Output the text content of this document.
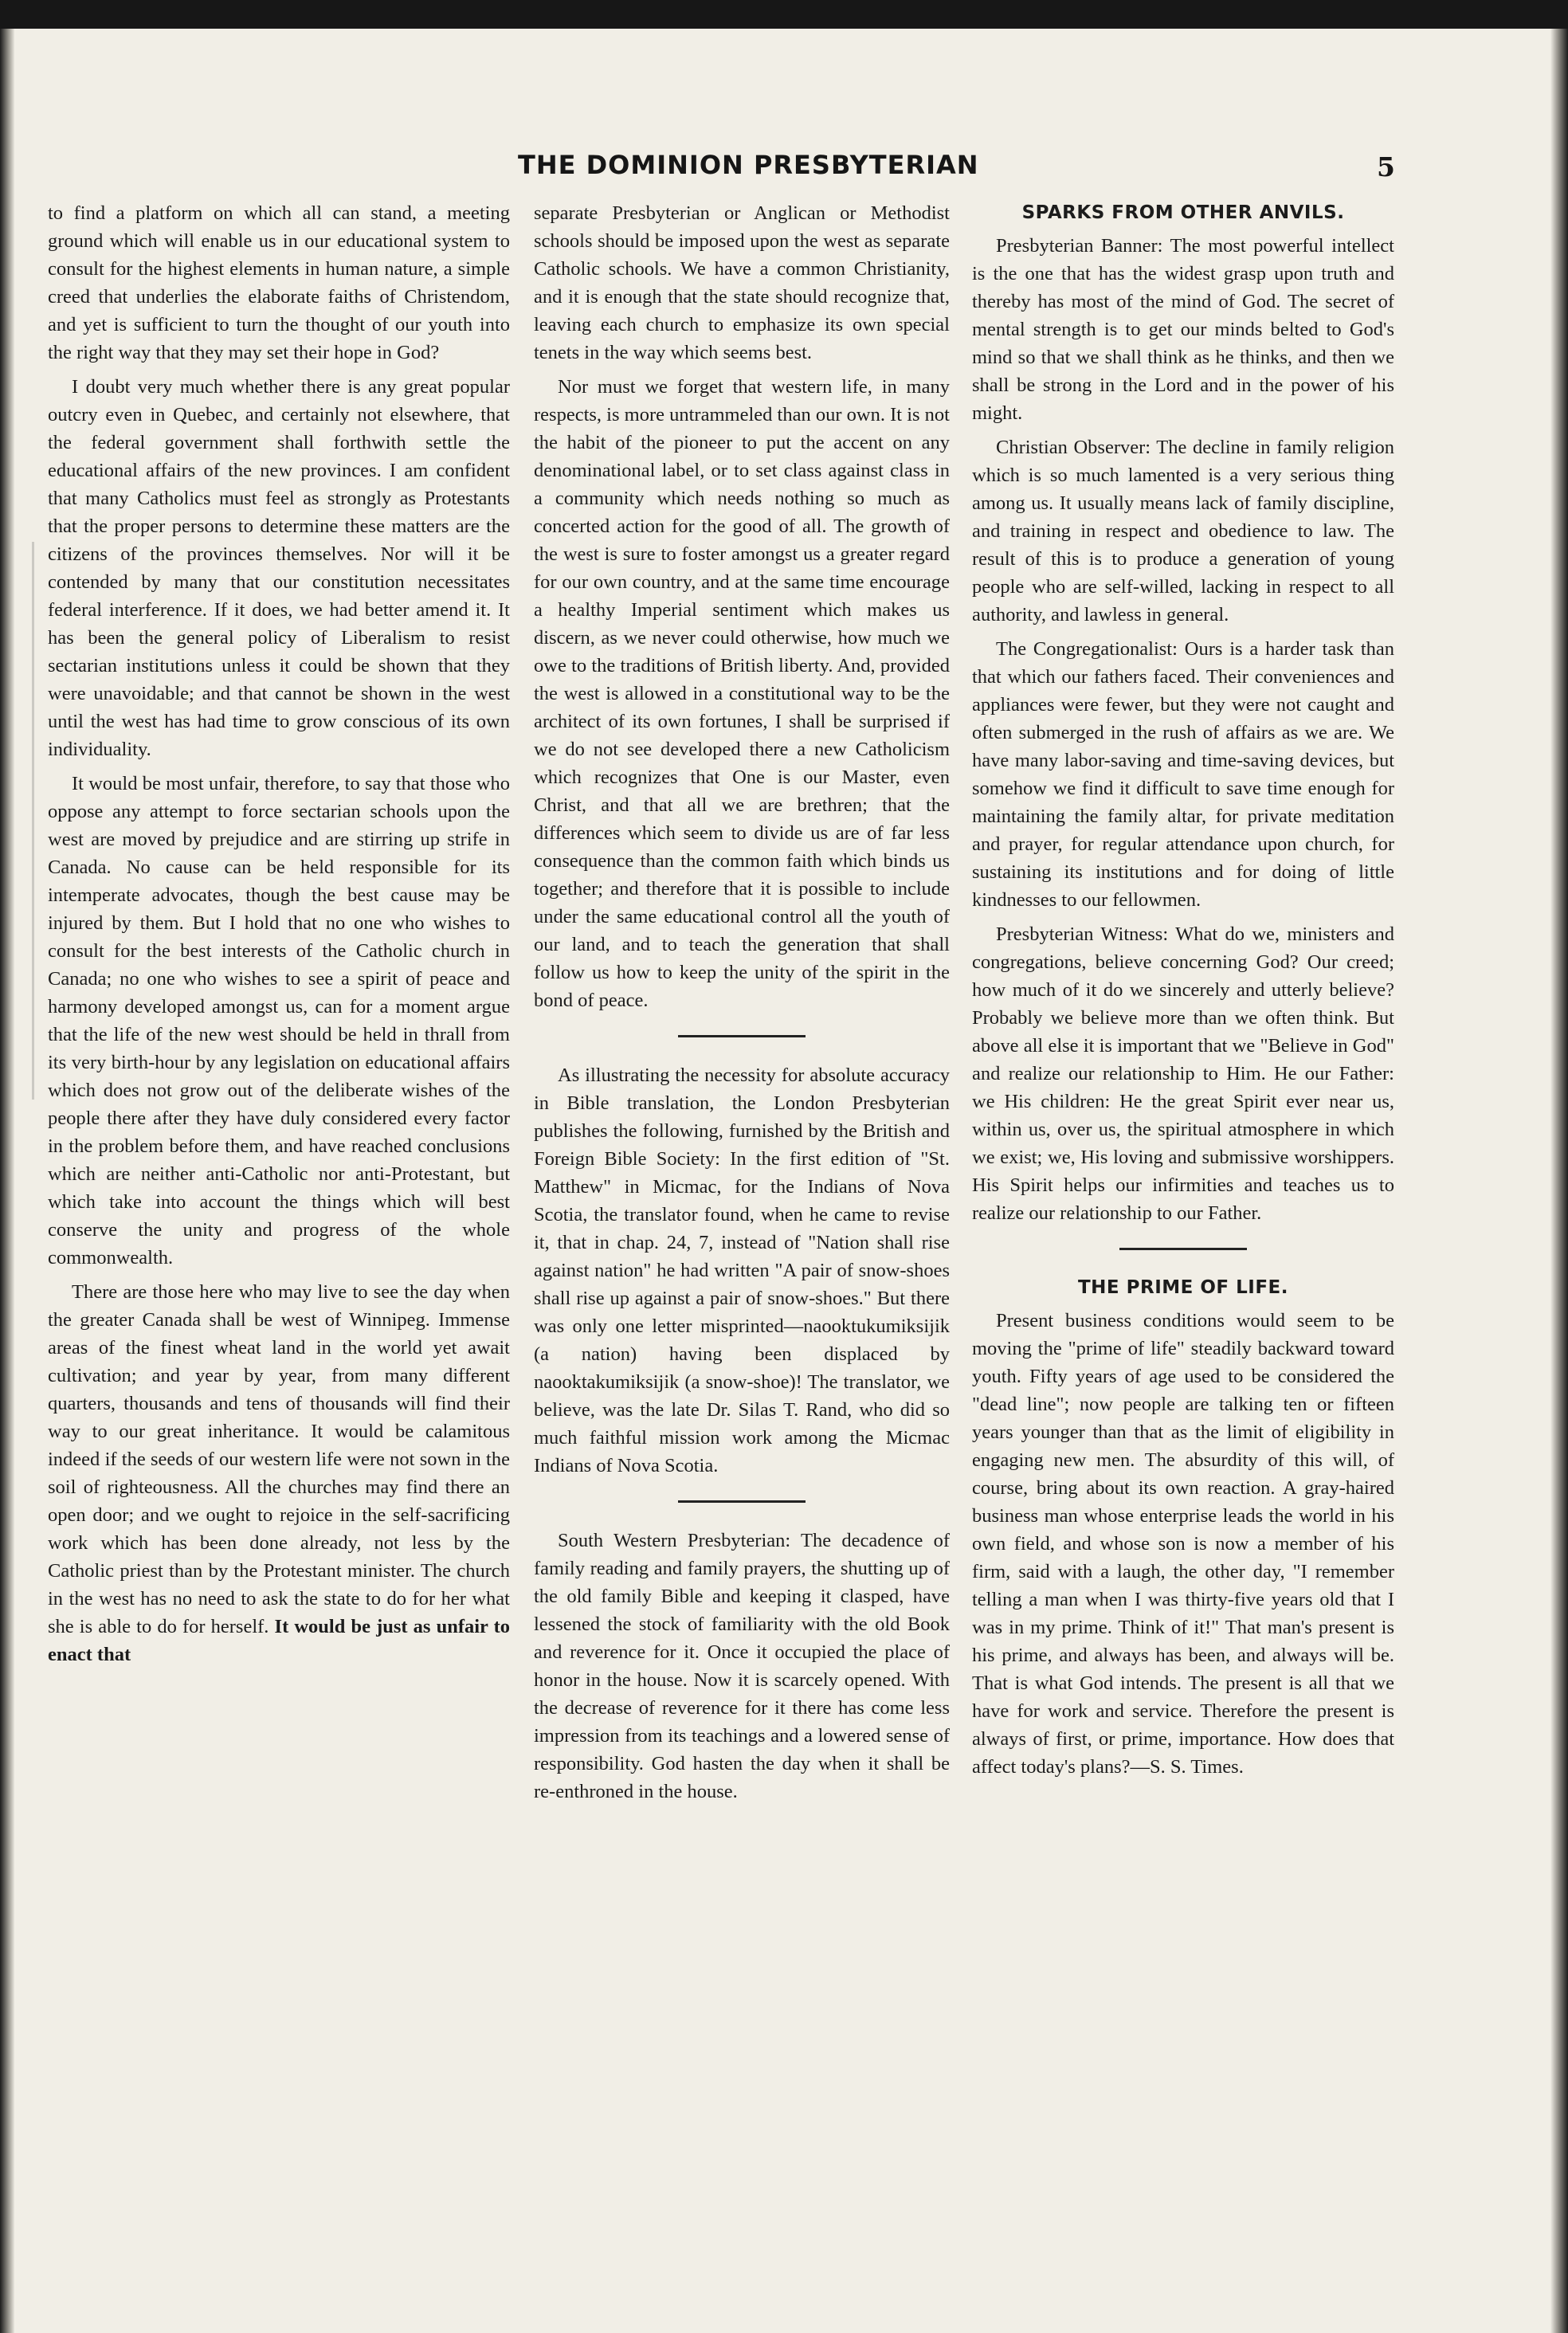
THE DOMINION PRESBYTERIAN	5

to find a platform on which all can stand, a meeting ground which will enable us in our educational system to consult for the highest elements in human nature, a simple creed that underlies the elaborate faiths of Christendom, and yet is sufficient to turn the thought of our youth into the right way that they may set their hope in God?

I doubt very much whether there is any great popular outcry even in Quebec, and certainly not elsewhere, that the federal government shall forthwith settle the educational affairs of the new provinces. I am confident that many Catholics must feel as strongly as Protestants that the proper persons to determine these matters are the citizens of the provinces themselves. Nor will it be contended by many that our constitution necessitates federal interference. If it does, we had better amend it. It has been the general policy of Liberalism to resist sectarian institutions unless it could be shown that they were unavoidable; and that cannot be shown in the west until the west has had time to grow conscious of its own individuality.

It would be most unfair, therefore, to say that those who oppose any attempt to force sectarian schools upon the west are moved by prejudice and are stirring up strife in Canada. No cause can be held responsible for its intemperate advocates, though the best cause may be injured by them. But I hold that no one who wishes to consult for the best interests of the Catholic church in Canada; no one who wishes to see a spirit of peace and harmony developed amongst us, can for a moment argue that the life of the new west should be held in thrall from its very birth-hour by any legislation on educational affairs which does not grow out of the deliberate wishes of the people there after they have duly considered every factor in the problem before them, and have reached conclusions which are neither anti-Catholic nor anti-Protestant, but which take into account the things which will best conserve the unity and progress of the whole commonwealth.

There are those here who may live to see the day when the greater Canada shall be west of Winnipeg. Immense areas of the finest wheat land in the world yet await cultivation; and year by year, from many different quarters, thousands and tens of thousands will find their way to our great inheritance. It would be calamitous indeed if the seeds of our western life were not sown in the soil of righteousness. All the churches may find there an open door; and we ought to rejoice in the self-sacrificing work which has been done already, not less by the Catholic priest than by the Protestant minister. The church in the west has no need to ask the state to do for her what she is able to do for herself. It would be just as unfair to enact that

separate Presbyterian or Anglican or Methodist schools should be imposed upon the west as separate Catholic schools. We have a common Christianity, and it is enough that the state should recognize that, leaving each church to emphasize its own special tenets in the way which seems best.

Nor must we forget that western life, in many respects, is more untrammeled than our own. It is not the habit of the pioneer to put the accent on any denominational label, or to set class against class in a community which needs nothing so much as concerted action for the good of all. The growth of the west is sure to foster amongst us a greater regard for our own country, and at the same time encourage a healthy Imperial sentiment which makes us discern, as we never could otherwise, how much we owe to the traditions of British liberty. And, provided the west is allowed in a constitutional way to be the architect of its own fortunes, I shall be surprised if we do not see developed there a new Catholicism which recognizes that One is our Master, even Christ, and that all we are brethren; that the differences which seem to divide us are of far less consequence than the common faith which binds us together; and therefore that it is possible to include under the same educational control all the youth of our land, and to teach the generation that shall follow us how to keep the unity of the spirit in the bond of peace.

As illustrating the necessity for absolute accuracy in Bible translation, the London Presbyterian publishes the following, furnished by the British and Foreign Bible Society: In the first edition of "St. Matthew" in Micmac, for the Indians of Nova Scotia, the translator found, when he came to revise it, that in chap. 24, 7, instead of "Nation shall rise against nation" he had written "A pair of snow-shoes shall rise up against a pair of snow-shoes." But there was only one letter misprinted—naooktukumiksijik (a nation) having been displaced by naooktakumiksijik (a snow-shoe)! The translator, we believe, was the late Dr. Silas T. Rand, who did so much faithful mission work among the Micmac Indians of Nova Scotia.

South Western Presbyterian: The decadence of family reading and family prayers, the shutting up of the old family Bible and keeping it clasped, have lessened the stock of familiarity with the old Book and reverence for it. Once it occupied the place of honor in the house. Now it is scarcely opened. With the decrease of reverence for it there has come less impression from its teachings and a lowered sense of responsibility. God hasten the day when it shall be re-enthroned in the house.

SPARKS FROM OTHER ANVILS.

Presbyterian Banner: The most powerful intellect is the one that has the widest grasp upon truth and thereby has most of the mind of God. The secret of mental strength is to get our minds belted to God's mind so that we shall think as he thinks, and then we shall be strong in the Lord and in the power of his might.

Christian Observer: The decline in family religion which is so much lamented is a very serious thing among us. It usually means lack of family discipline, and training in respect and obedience to law. The result of this is to produce a generation of young people who are self-willed, lacking in respect to all authority, and lawless in general.

The Congregationalist: Ours is a harder task than that which our fathers faced. Their conveniences and appliances were fewer, but they were not caught and often submerged in the rush of affairs as we are. We have many labor-saving and time-saving devices, but somehow we find it difficult to save time enough for maintaining the family altar, for private meditation and prayer, for regular attendance upon church, for sustaining its institutions and for doing of little kindnesses to our fellowmen.

Presbyterian Witness: What do we, ministers and congregations, believe concerning God? Our creed; how much of it do we sincerely and utterly believe? Probably we believe more than we often think. But above all else it is important that we "Believe in God" and realize our relationship to Him. He our Father: we His children: He the great Spirit ever near us, within us, over us, the spiritual atmosphere in which we exist; we, His loving and submissive worshippers. His Spirit helps our infirmities and teaches us to realize our relationship to our Father.

THE PRIME OF LIFE.

Present business conditions would seem to be moving the "prime of life" steadily backward toward youth. Fifty years of age used to be considered the "dead line"; now people are talking ten or fifteen years younger than that as the limit of eligibility in engaging new men. The absurdity of this will, of course, bring about its own reaction. A gray-haired business man whose enterprise leads the world in his own field, and whose son is now a member of his firm, said with a laugh, the other day, "I remember telling a man when I was thirty-five years old that I was in my prime. Think of it!" That man's present is his prime, and always has been, and always will be. That is what God intends. The present is all that we have for work and service. Therefore the present is always of first, or prime, importance. How does that affect today's plans?—S. S. Times.
